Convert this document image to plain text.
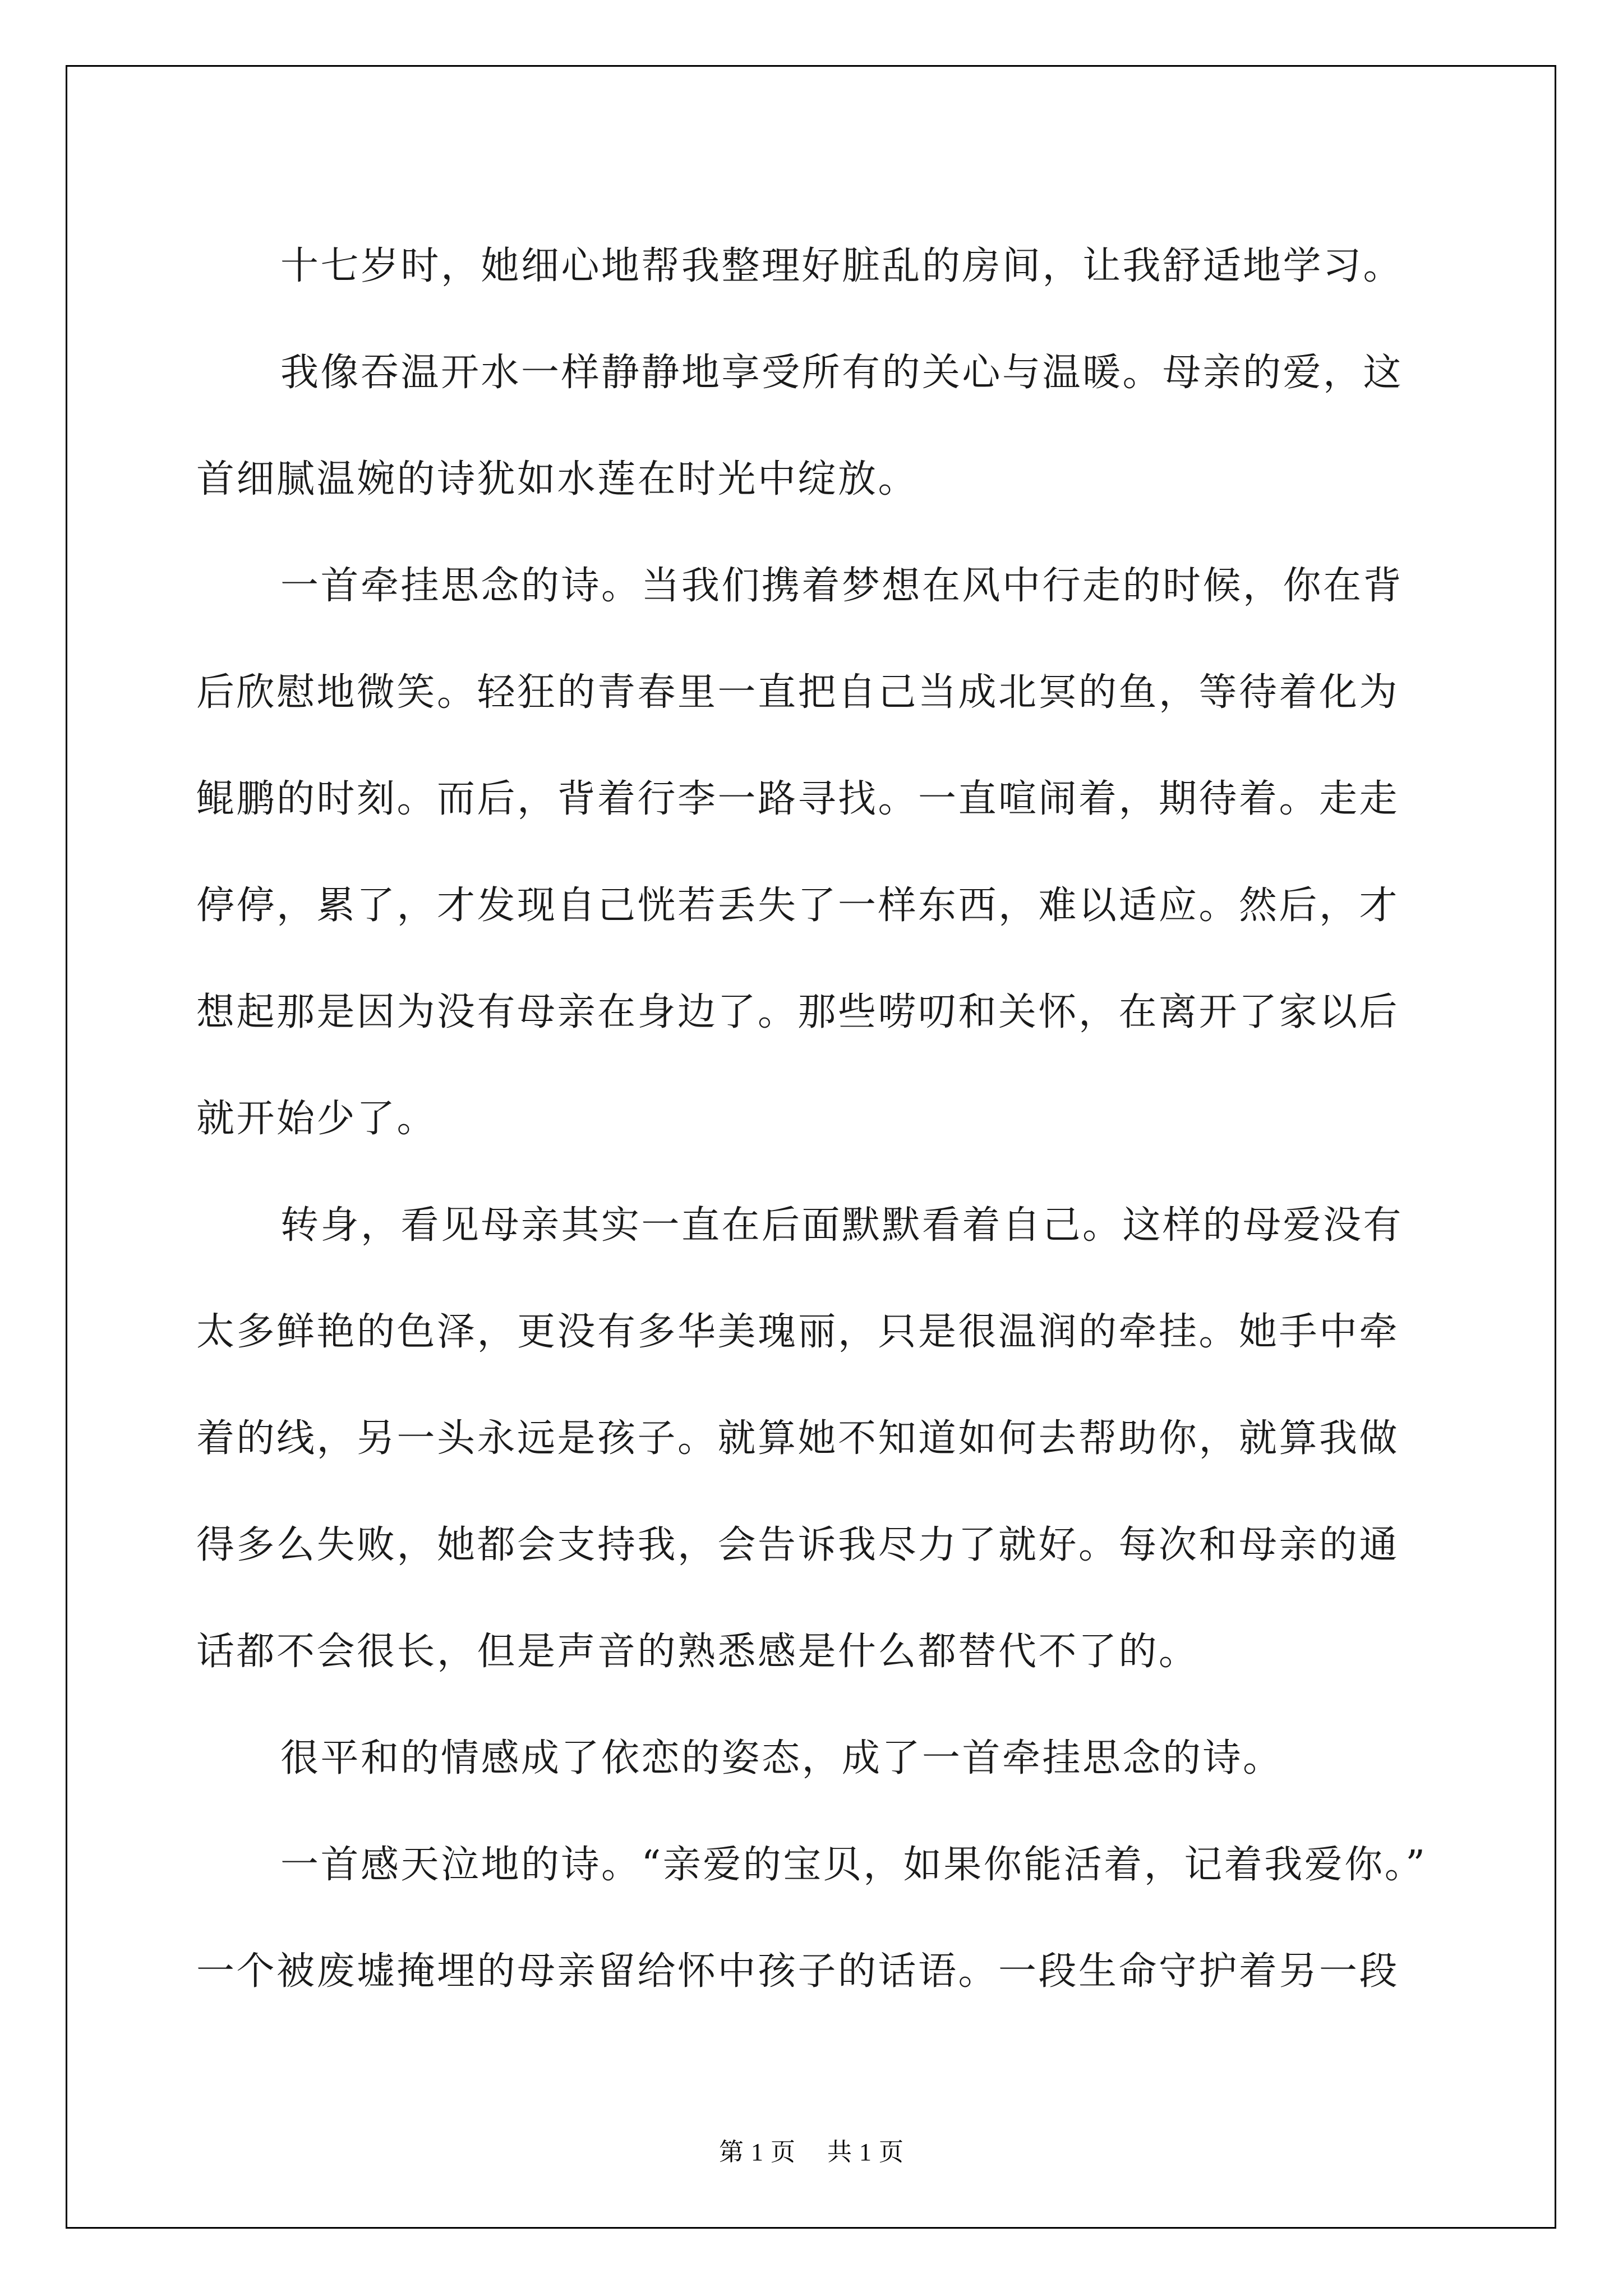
十七岁时，她细心地帮我整理好脏乱的房间，让我舒适地学习。
我像吞温开水一样静静地享受所有的关心与温暖。母亲的爱，这
首细腻温婉的诗犹如水莲在时光中绽放。
一首牵挂思念的诗。当我们携着梦想在风中行走的时候，你在背
后欣慰地微笑。轻狂的青春里一直把自己当成北冥的鱼，等待着化为
鲲鹏的时刻。而后，背着行李一路寻找。一直喧闹着，期待着。走走
停停，累了，才发现自己恍若丢失了一样东西，难以适应。然后，才
想起那是因为没有母亲在身边了。那些唠叨和关怀，在离开了家以后
就开始少了。
转身，看见母亲其实一直在后面默默看着自己。这样的母爱没有
太多鲜艳的色泽，更没有多华美瑰丽，只是很温润的牵挂。她手中牵
着的线，另一头永远是孩子。就算她不知道如何去帮助你，就算我做
得多么失败，她都会支持我，会告诉我尽力了就好。每次和母亲的通
话都不会很长，但是声音的熟悉感是什么都替代不了的。
很平和的情感成了依恋的姿态，成了一首牵挂思念的诗。
一首感天泣地的诗。“亲爱的宝贝，如果你能活着，记着我爱你。”
一个被废墟掩埋的母亲留给怀中孩子的话语。一段生命守护着另一段
第 1 页 共 1 页
